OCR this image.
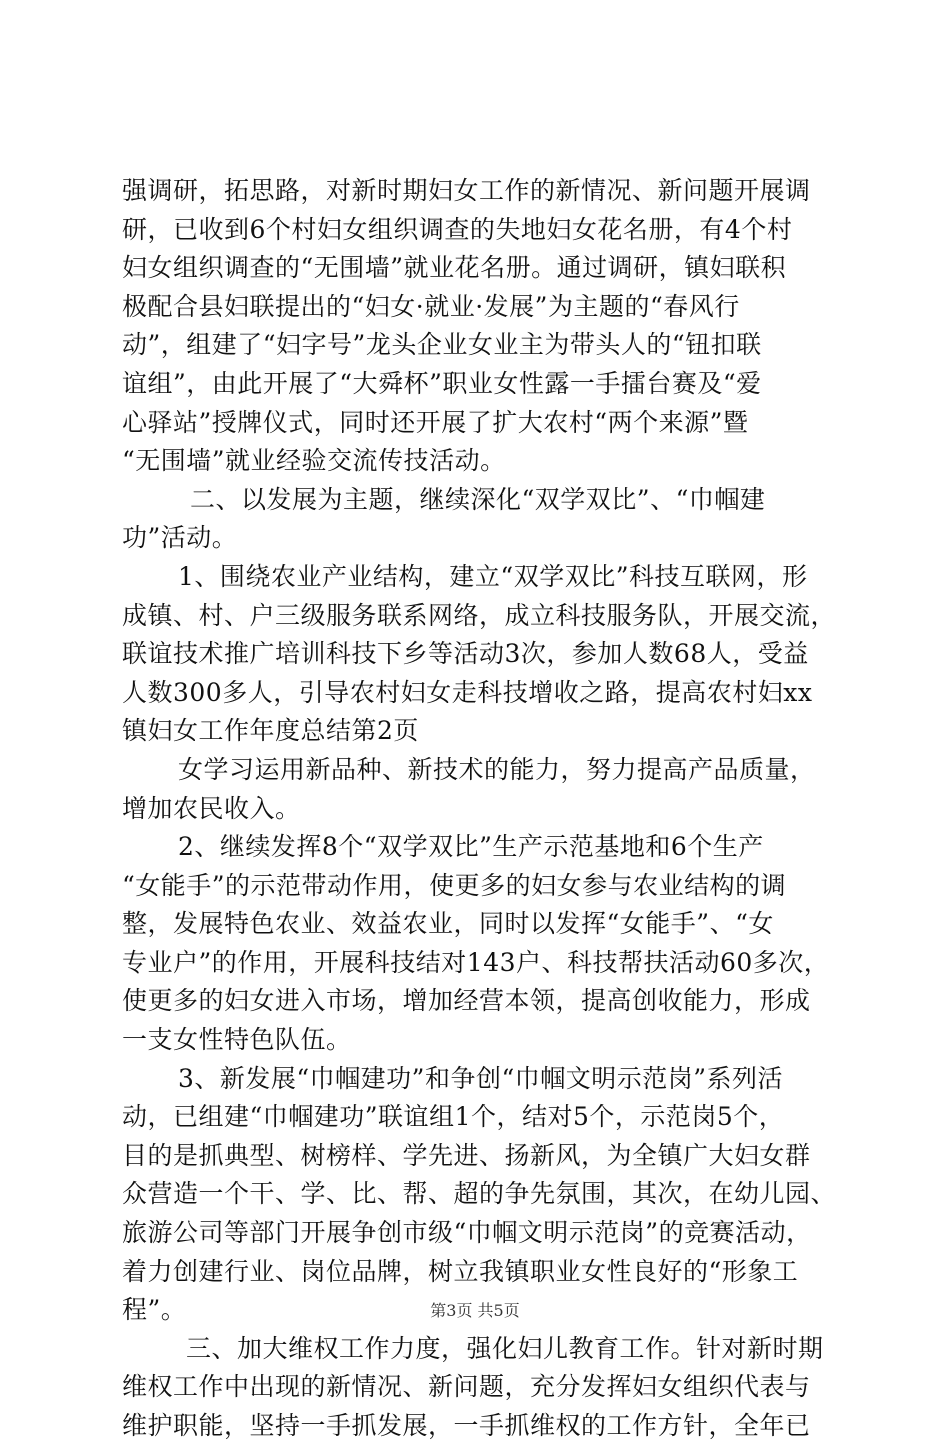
强调研，拓思路，对新时期妇女工作的新情况、新问题开展调
研，已收到6个村妇女组织调查的失地妇女花名册，有4个村
妇女组织调查的“无围墙”就业花名册。通过调研，镇妇联积
极配合县妇联提出的“妇女·就业·发展”为主题的“春风行
动”，组建了“妇字号”龙头企业女业主为带头人的“钮扣联
谊组”，由此开展了“大舜杯”职业女性露一手擂台赛及“爱
心驿站”授牌仪式，同时还开展了扩大农村“两个来源”暨
“无围墙”就业经验交流传技活动。
二、以发展为主题，继续深化“双学双比”、“巾帼建
功”活动。
1、围绕农业产业结构，建立“双学双比”科技互联网，形
成镇、村、户三级服务联系网络，成立科技服务队，开展交流，
联谊技术推广培训科技下乡等活动3次，参加人数68人，受益
人数300多人，引导农村妇女走科技增收之路，提高农村妇xx
镇妇女工作年度总结第2页
女学习运用新品种、新技术的能力，努力提高产品质量，
增加农民收入。
2、继续发挥8个“双学双比”生产示范基地和6个生产
“女能手”的示范带动作用，使更多的妇女参与农业结构的调
整，发展特色农业、效益农业，同时以发挥“女能手”、“女
专业户”的作用，开展科技结对143户、科技帮扶活动60多次，
使更多的妇女进入市场，增加经营本领，提高创收能力，形成
一支女性特色队伍。
3、新发展“巾帼建功”和争创“巾帼文明示范岗”系列活
动，已组建“巾帼建功”联谊组1个，结对5个，示范岗5个，
目的是抓典型、树榜样、学先进、扬新风，为全镇广大妇女群
众营造一个干、学、比、帮、超的争先氛围，其次，在幼儿园、
旅游公司等部门开展争创市级“巾帼文明示范岗”的竞赛活动，
着力创建行业、岗位品牌，树立我镇职业女性良好的“形象工
程”。
三、加大维权工作力度，强化妇儿教育工作。针对新时期
维权工作中出现的新情况、新问题，充分发挥妇女组织代表与
维护职能，坚持一手抓发展，一手抓维权的工作方针，全年已
第3页 共5页
